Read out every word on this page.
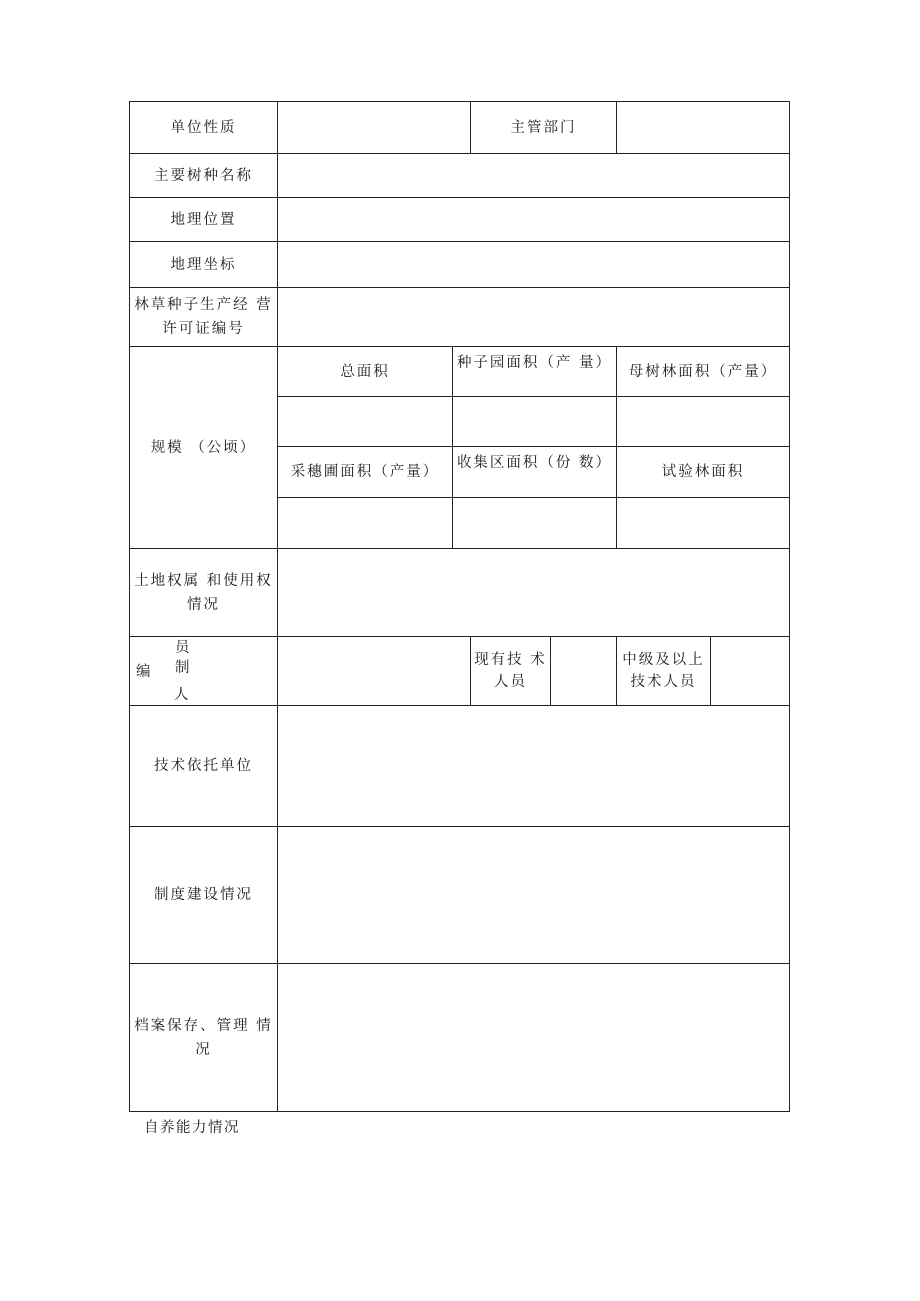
单位性质	主管部门
主要树种名称
地理位置
地理坐标
林草种子生产经 营许可证编号
规模 （公顷）
总面积
种子园面积（产 量）
母树林面积（产量）
采穗圃面积（产量）
收集区面积（份 数）
试验林面积
土地权属 和使用权情况
编 制
员
人
现有技 术人员
中级及以上技术人员
技术依托单位
制度建设情况
档案保存、管理 情况
自养能力情况
